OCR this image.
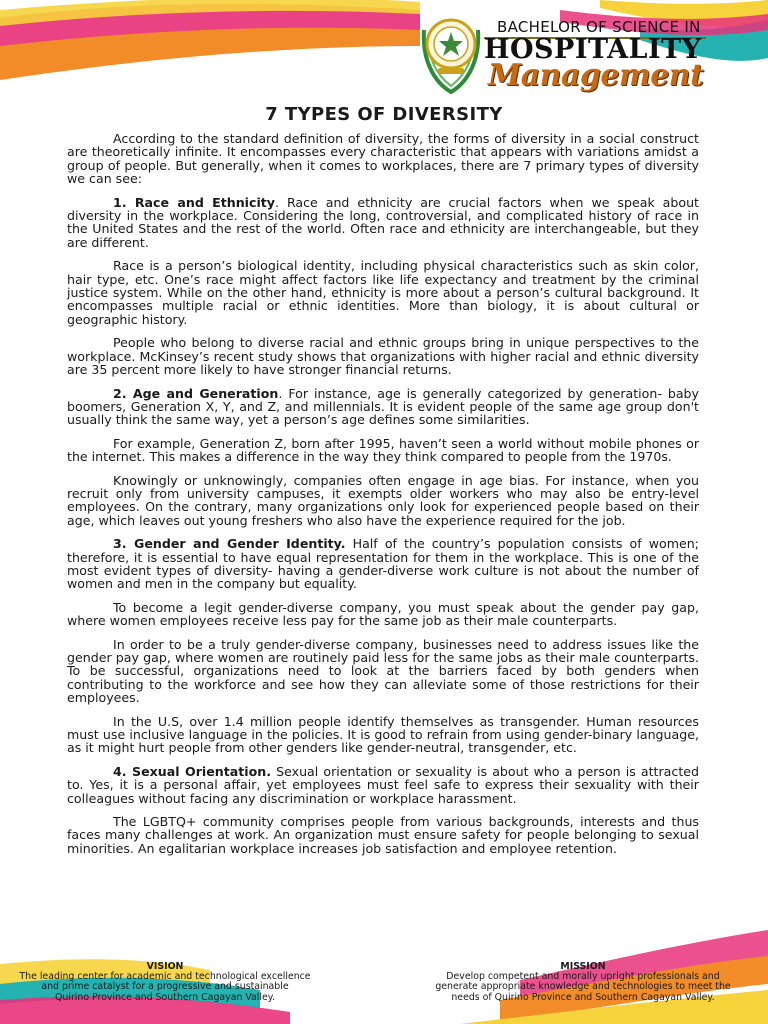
BACHELOR OF SCIENCE IN
HOSPITALITY
Management
7 TYPES OF DIVERSITY

According to the standard definition of diversity, the forms of diversity in a social construct are theoretically infinite. It encompasses every characteristic that appears with variations amidst a group of people. But generally, when it comes to workplaces, there are 7 primary types of diversity we can see:

1. Race and Ethnicity. Race and ethnicity are crucial factors when we speak about diversity in the workplace. Considering the long, controversial, and complicated history of race in the United States and the rest of the world. Often race and ethnicity are interchangeable, but they are different.

Race is a person’s biological identity, including physical characteristics such as skin color, hair type, etc. One’s race might affect factors like life expectancy and treatment by the criminal justice system. While on the other hand, ethnicity is more about a person’s cultural background. It encompasses multiple racial or ethnic identities. More than biology, it is about cultural or geographic history.

People who belong to diverse racial and ethnic groups bring in unique perspectives to the workplace. McKinsey’s recent study shows that organizations with higher racial and ethnic diversity are 35 percent more likely to have stronger financial returns.

2. Age and Generation. For instance, age is generally categorized by generation- baby boomers, Generation X, Y, and Z, and millennials. It is evident people of the same age group don't usually think the same way, yet a person’s age defines some similarities.

For example, Generation Z, born after 1995, haven’t seen a world without mobile phones or the internet. This makes a difference in the way they think compared to people from the 1970s.

Knowingly or unknowingly, companies often engage in age bias. For instance, when you recruit only from university campuses, it exempts older workers who may also be entry-level employees. On the contrary, many organizations only look for experienced people based on their age, which leaves out young freshers who also have the experience required for the job.

3. Gender and Gender Identity. Half of the country’s population consists of women; therefore, it is essential to have equal representation for them in the workplace. This is one of the most evident types of diversity- having a gender-diverse work culture is not about the number of women and men in the company but equality.

To become a legit gender-diverse company, you must speak about the gender pay gap, where women employees receive less pay for the same job as their male counterparts.

In order to be a truly gender-diverse company, businesses need to address issues like the gender pay gap, where women are routinely paid less for the same jobs as their male counterparts. To be successful, organizations need to look at the barriers faced by both genders when contributing to the workforce and see how they can alleviate some of those restrictions for their employees.

In the U.S, over 1.4 million people identify themselves as transgender. Human resources must use inclusive language in the policies. It is good to refrain from using gender-binary language, as it might hurt people from other genders like gender-neutral, transgender, etc.

4. Sexual Orientation. Sexual orientation or sexuality is about who a person is attracted to. Yes, it is a personal affair, yet employees must feel safe to express their sexuality with their colleagues without facing any discrimination or workplace harassment.

The LGBTQ+ community comprises people from various backgrounds, interests and thus faces many challenges at work. An organization must ensure safety for people belonging to sexual minorities. An egalitarian workplace increases job satisfaction and employee retention.

VISION
The leading center for academic and technological excellence
and prime catalyst for a progressive and sustainable
Quirino Province and Southern Cagayan Valley.
MISSION
Develop competent and morally upright professionals and
generate appropriate knowledge and technologies to meet the
needs of Quirino Province and Southern Cagayan Valley.
